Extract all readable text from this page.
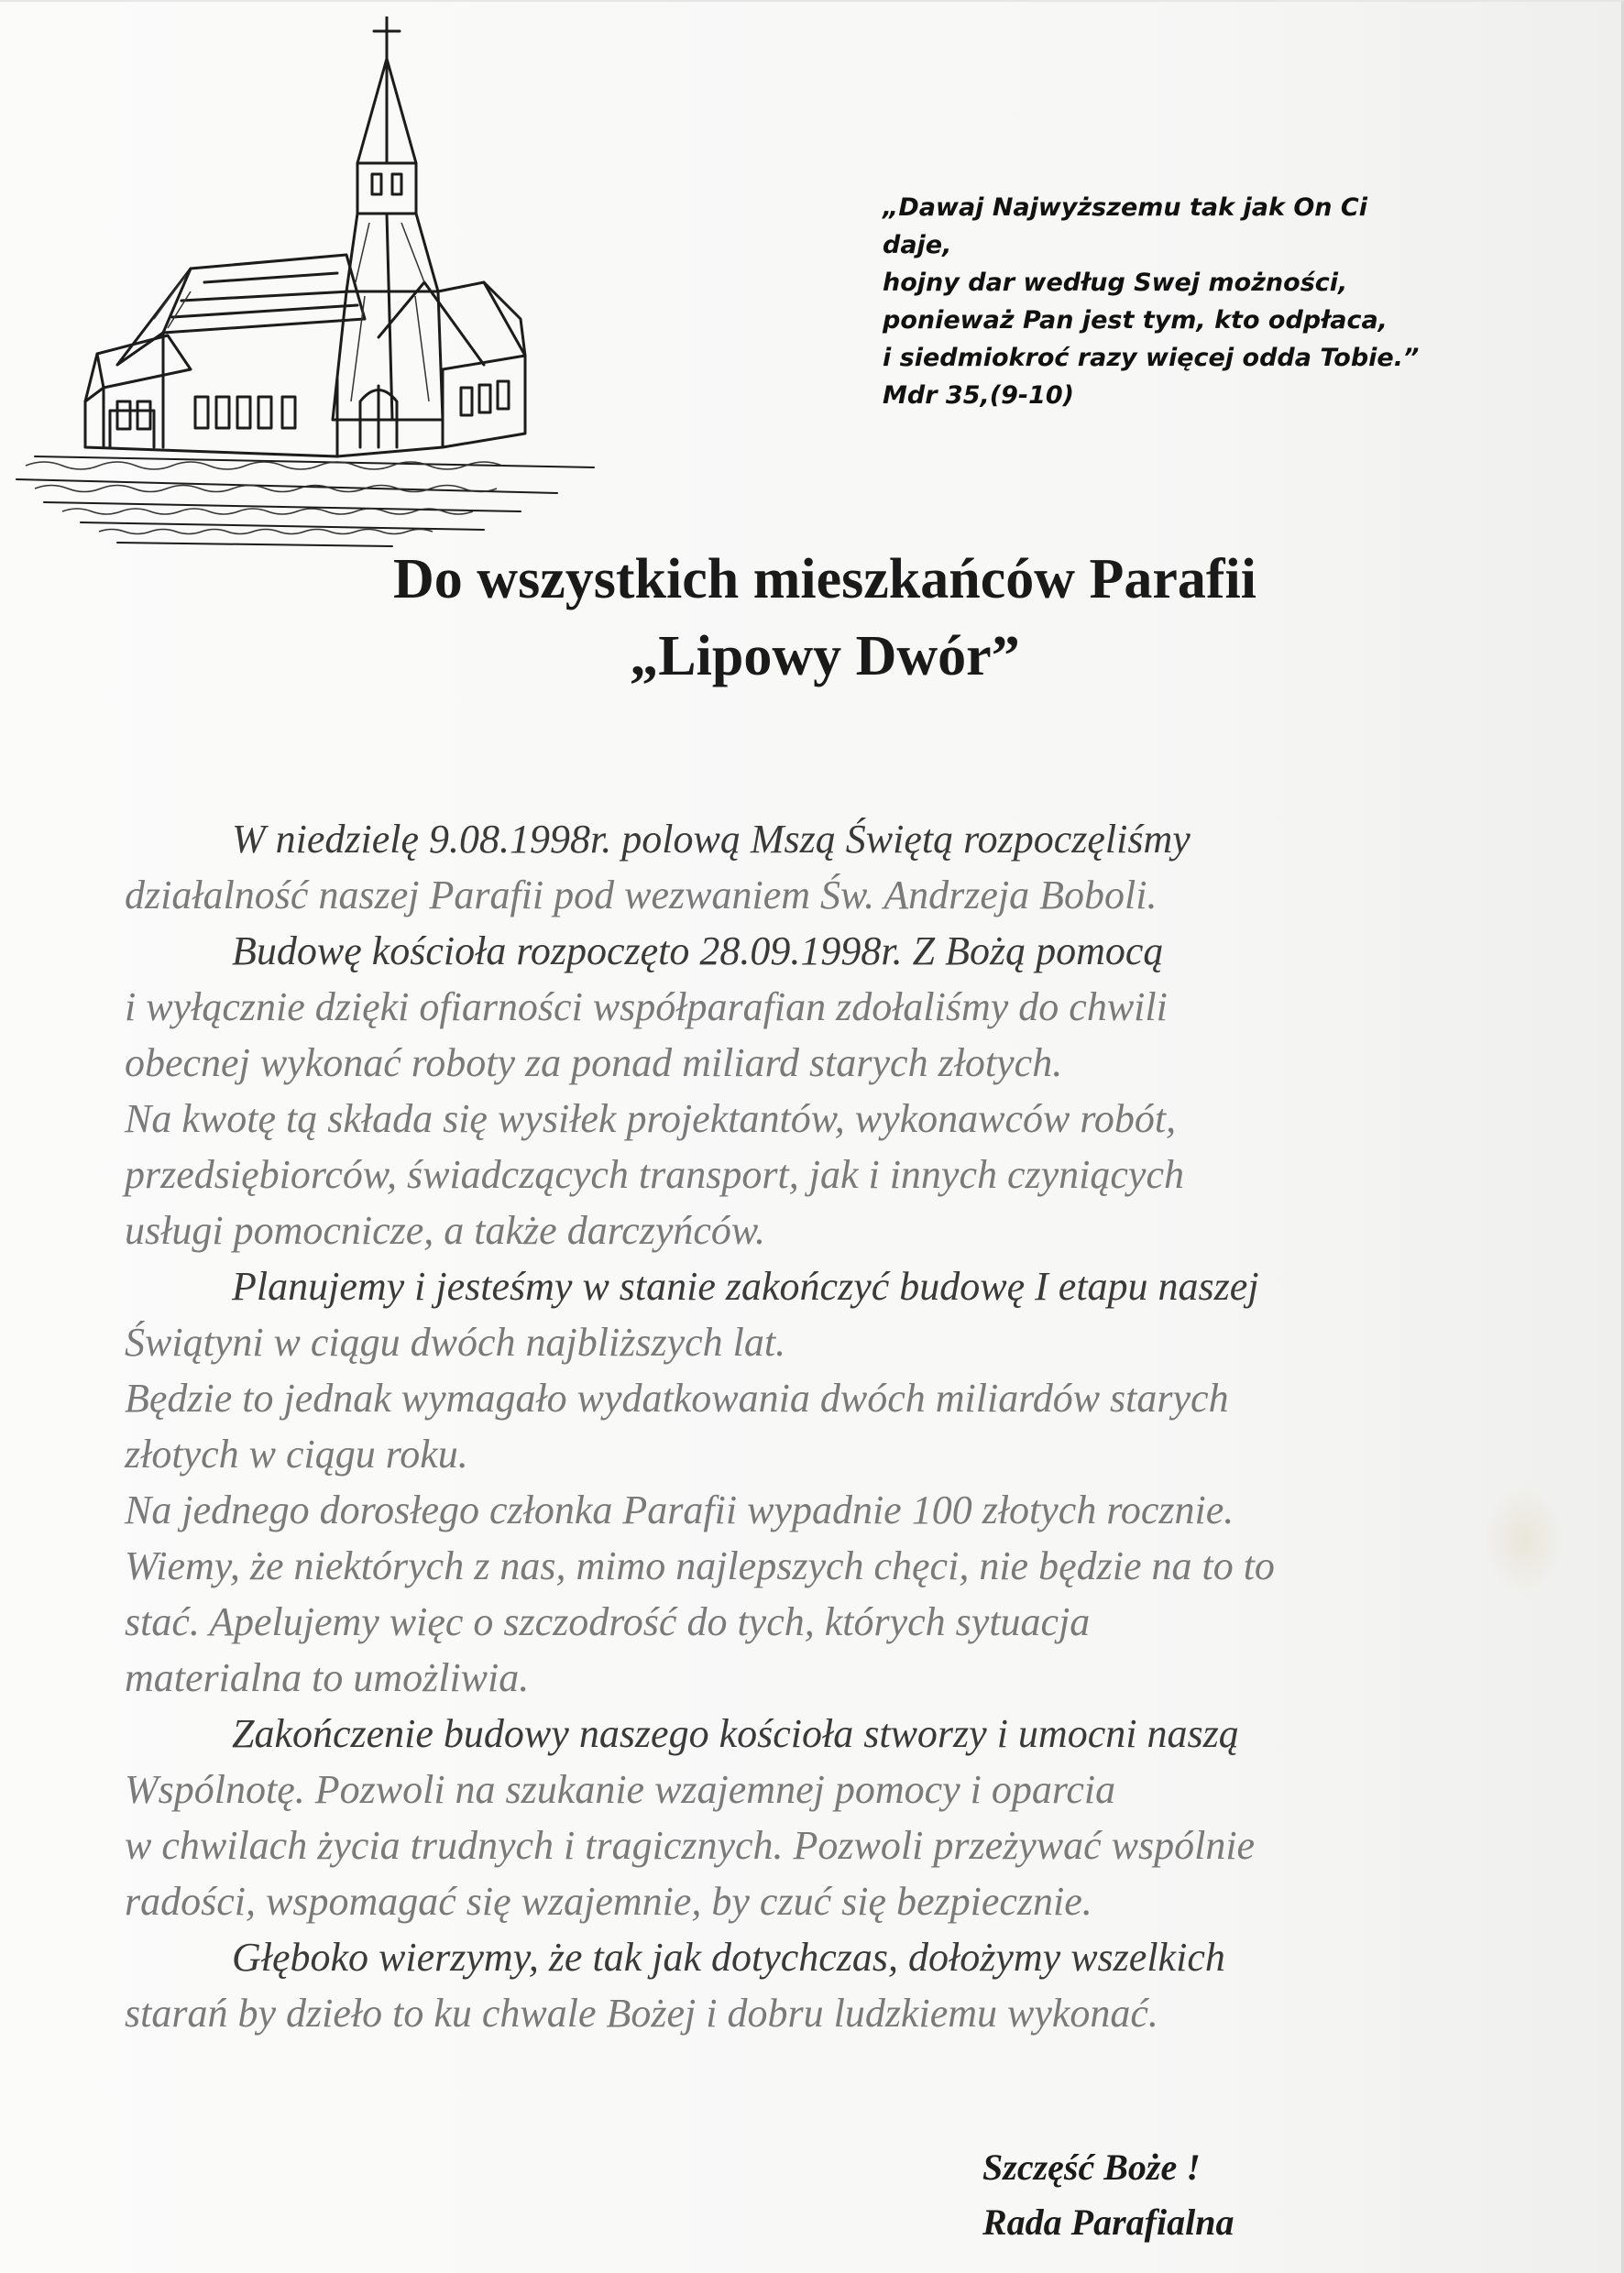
„Dawaj Najwyższemu tak jak On Ci
daje,
hojny dar według Swej możności,
ponieważ Pan jest tym, kto odpłaca,
i siedmiokroć razy więcej odda Tobie.”
Mdr 35,(9-10)
Do wszystkich mieszkańców Parafii
„Lipowy Dwór”
W niedzielę 9.08.1998r. polową Mszą Świętą rozpoczęliśmy
działalność naszej Parafii pod wezwaniem Św. Andrzeja Boboli.
Budowę kościoła rozpoczęto 28.09.1998r. Z Bożą pomocą
i wyłącznie dzięki ofiarności współparafian zdołaliśmy do chwili
obecnej wykonać roboty za ponad miliard starych złotych.
Na kwotę tą składa się wysiłek projektantów, wykonawców robót,
przedsiębiorców, świadczących transport, jak i innych czyniących
usługi pomocnicze, a także darczyńców.
Planujemy i jesteśmy w stanie zakończyć budowę I etapu naszej
Świątyni w ciągu dwóch najbliższych lat.
Będzie to jednak wymagało wydatkowania dwóch miliardów starych
złotych w ciągu roku.
Na jednego dorosłego członka Parafii wypadnie 100 złotych rocznie.
Wiemy, że niektórych z nas, mimo najlepszych chęci, nie będzie na to to
stać. Apelujemy więc o szczodrość do tych, których sytuacja
materialna to umożliwia.
Zakończenie budowy naszego kościoła stworzy i umocni naszą
Wspólnotę. Pozwoli na szukanie wzajemnej pomocy i oparcia
w chwilach życia trudnych i tragicznych. Pozwoli przeżywać wspólnie
radości, wspomagać się wzajemnie, by czuć się bezpiecznie.
Głęboko wierzymy, że tak jak dotychczas, dołożymy wszelkich
starań by dzieło to ku chwale Bożej i dobru ludzkiemu wykonać.
Szczęść Boże !
Rada Parafialna
